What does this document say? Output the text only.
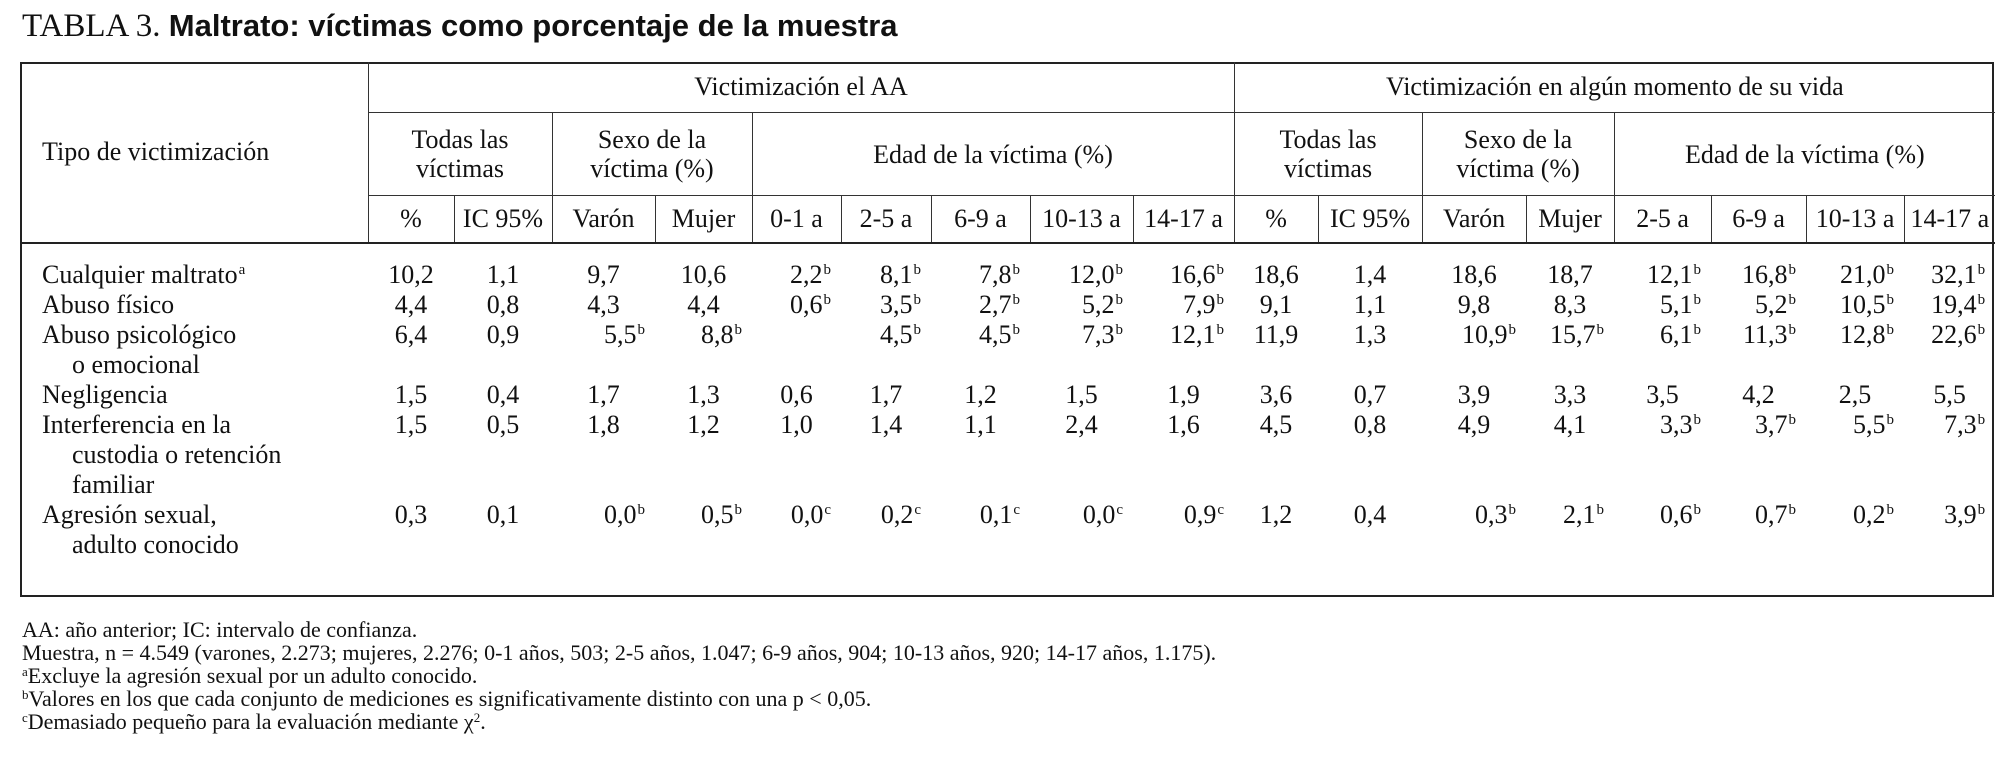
TABLA 3. Maltrato: víctimas como porcentaje de la muestra
Tipo de victimización	Victimización el AA									Victimización en algún momento de su vida							
	Todas las
víctimas		Sexo de la
víctima (%)		Edad de la víctima (%)					Todas las
víctimas		Sexo de la
víctima (%)		Edad de la víctima (%)			
	%	IC 95%	Varón	Mujer	0-1 a	2-5 a	6-9 a	10-13 a	14-17 a	%	IC 95%	Varón	Mujer	2-5 a	6-9 a	10-13 a	14-17 a

Cualquier maltrato$^a$	10,2	1,1	9,7	10,6	2,2$^b$	8,1$^b$	7,8$^b$	12,0$^b$	16,6$^b$	18,6	1,4	18,6	18,7	12,1$^b$	16,8$^b$	21,0$^b$	32,1$^b$
Abuso físico	4,4	0,8	4,3	4,4	0,6$^b$	3,5$^b$	2,7$^b$	5,2$^b$	7,9$^b$	9,1	1,1	9,8	8,3	5,1$^b$	5,2$^b$	10,5$^b$	19,4$^b$
Abuso psicológico
o emocional	6,4	0,9	5,5$^b$	8,8$^b$		4,5$^b$	4,5$^b$	7,3$^b$	12,1$^b$	11,9	1,3	10,9$^b$	15,7$^b$	6,1$^b$	11,3$^b$	12,8$^b$	22,6$^b$
Negligencia	1,5	0,4	1,7	1,3	0,6	1,7	1,2	1,5	1,9	3,6	0,7	3,9	3,3	3,5	4,2	2,5	5,5
Interferencia en la
custodia o retención
familiar	1,5	0,5	1,8	1,2	1,0	1,4	1,1	2,4	1,6	4,5	0,8	4,9	4,1	3,3$^b$	3,7$^b$	5,5$^b$	7,3$^b$
Agresión sexual,
adulto conocido	0,3	0,1	0,0$^b$	0,5$^b$	0,0$^c$	0,2$^c$	0,1$^c$	0,0$^c$	0,9$^c$	1,2	0,4	0,3$^b$	2,1$^b$	0,6$^b$	0,7$^b$	0,2$^b$	3,9$^b$
AA: año anterior; IC: intervalo de confianza.
Muestra, n = 4.549 (varones, 2.273; mujeres, 2.276; 0-1 años, 503; 2-5 años, 1.047; 6-9 años, 904; 10-13 años, 920; 14-17 años, 1.175).
$^a$Excluye la agresión sexual por un adulto conocido.
$^b$Valores en los que cada conjunto de mediciones es significativamente distinto con una p < 0,05.
$^c$Demasiado pequeño para la evaluación mediante $\chi^2$.
